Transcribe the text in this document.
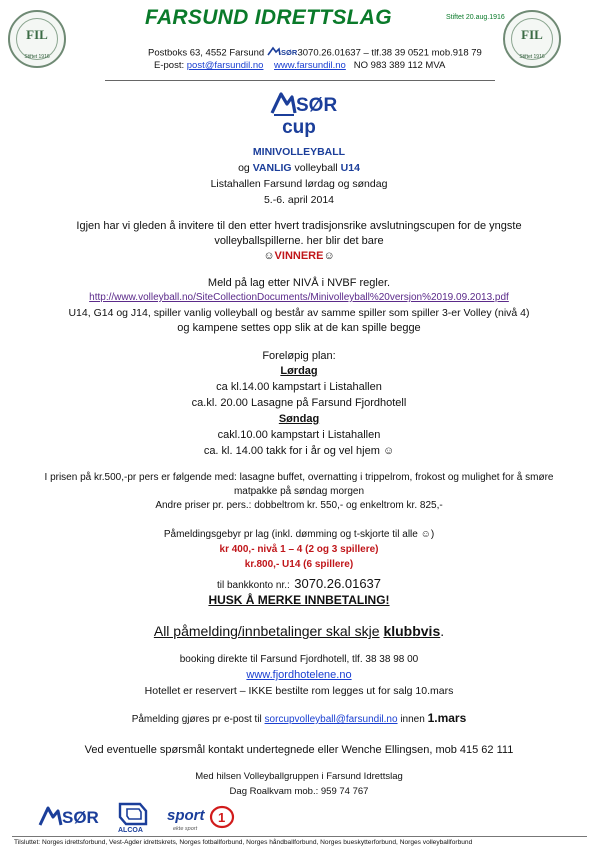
FIL
Stiftet 1916
FIL
Stiftet 1916
FARSUND IDRETTSLAG	Stiftet 20.aug.1916
Postboks 63, 4552 Farsund SØR 3070.26.01637 – tlf.38 39 0521 mob.918 79
E-post: post@farsundil.no www.farsundil.no NO 983 389 112 MVA
SØR
cup
MINIVOLLEYBALL
og VANLIG volleyball U14
Listahallen Farsund lørdag og søndag
5.-6. april 2014
Igjen har vi gleden å invitere til den etter hvert tradisjonsrike avslutningscupen for de yngste
volleyballspillerne. her blir det bare
☺VINNERE☺
Meld på lag etter NIVÅ i NVBF regler.
http://www.volleyball.no/SiteCollectionDocuments/Minivolleyball%20versjon%2019.09.2013.pdf
U14, G14 og J14, spiller vanlig volleyball og består av samme spiller som spiller 3-er Volley (nivå 4)
og kampene settes opp slik at de kan spille begge
Foreløpig plan:
Lørdag
ca kl.14.00 kampstart i Listahallen
ca.kl. 20.00 Lasagne på Farsund Fjordhotell
Søndag
cakl.10.00 kampstart i Listahallen
ca. kl. 14.00 takk for i år og vel hjem ☺
I prisen på kr.500,-pr pers er følgende med: lasagne buffet, overnatting i trippelrom, frokost og mulighet for å smøre
matpakke på søndag morgen
Andre priser pr. pers.: dobbeltrom kr. 550,- og enkeltrom kr. 825,-
Påmeldingsgebyr pr lag (inkl. dømming og t-skjorte til alle ☺)
kr 400,- nivå 1 – 4 (2 og 3 spillere)
kr.800,- U14 (6 spillere)
til bankkonto nr.: 3070.26.01637
HUSK Å MERKE INNBETALING!
All påmelding/innbetalinger skal skje klubbvis.
booking direkte til Farsund Fjordhotell, tlf. 38 38 98 00
www.fjordhotelene.no
Hotellet er reservert – IKKE bestilte rom legges ut for salg 10.mars
Påmelding gjøres pr e-post til sorcupvolleyball@farsundil.no innen 1.mars
Ved eventuelle spørsmål kontakt undertegnede eller Wenche Ellingsen, mob 415 62 111
Med hilsen Volleyballgruppen i Farsund Idrettslag
Dag Roalkvam mob.: 959 74 767
SØR
ALCOA
sport 1
ekte sport
Tilsluttet: Norges idrettsforbund, Vest-Agder idrettskrets, Norges fotballforbund, Norges håndballforbund, Norges bueskytterforbund, Norges volleyballforbund
